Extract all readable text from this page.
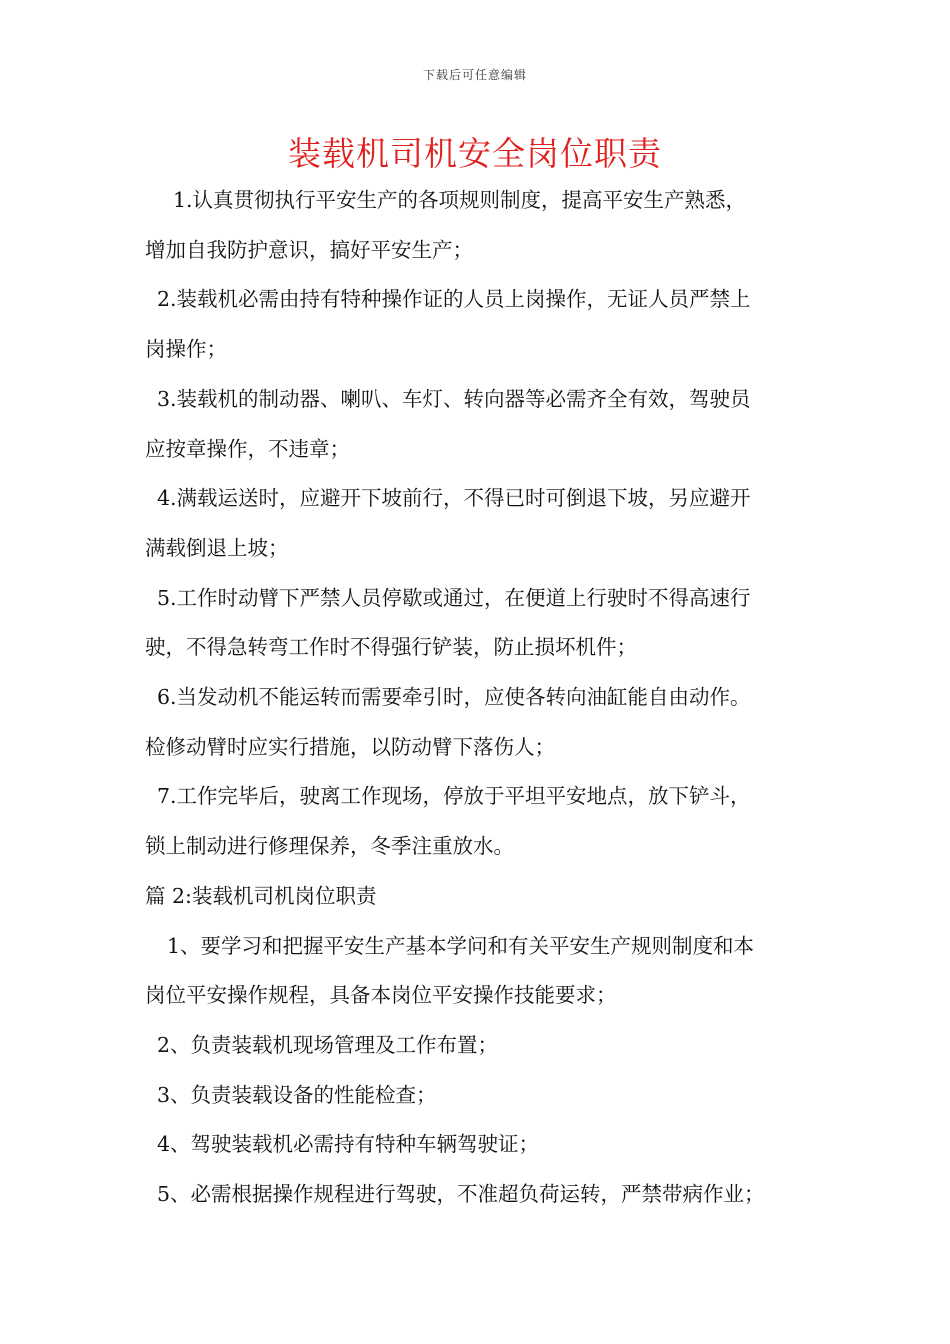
下载后可任意编辑
装载机司机安全岗位职责
1.认真贯彻执行平安生产的各项规则制度，提高平安生产熟悉，
增加自我防护意识，搞好平安生产；
2.装载机必需由持有特种操作证的人员上岗操作，无证人员严禁上
岗操作；
3.装载机的制动器、喇叭、车灯、转向器等必需齐全有效，驾驶员
应按章操作，不违章；
4.满载运送时，应避开下坡前行，不得已时可倒退下坡，另应避开
满载倒退上坡；
5.工作时动臂下严禁人员停歇或通过，在便道上行驶时不得高速行
驶，不得急转弯工作时不得强行铲装，防止损坏机件；
6.当发动机不能运转而需要牵引时，应使各转向油缸能自由动作。
检修动臂时应实行措施，以防动臂下落伤人；
7.工作完毕后，驶离工作现场，停放于平坦平安地点，放下铲斗，
锁上制动进行修理保养，冬季注重放水。
篇 2:装载机司机岗位职责
1、要学习和把握平安生产基本学问和有关平安生产规则制度和本
岗位平安操作规程，具备本岗位平安操作技能要求；
2、负责装载机现场管理及工作布置；
3、负责装载设备的性能检查；
4、驾驶装载机必需持有特种车辆驾驶证；
5、必需根据操作规程进行驾驶，不准超负荷运转，严禁带病作业；
